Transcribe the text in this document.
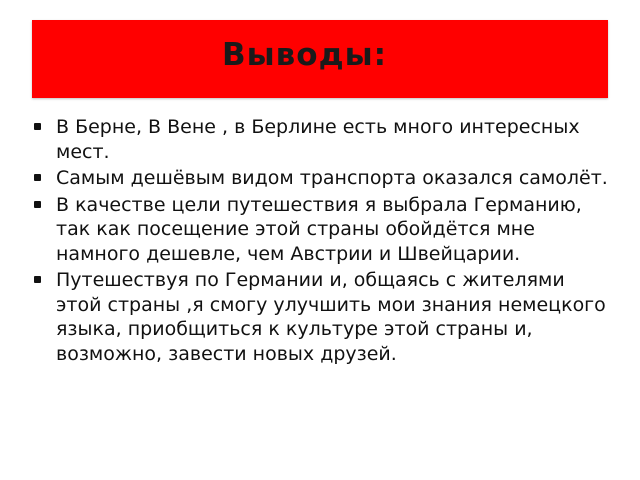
Выводы:
В Берне, В Вене , в Берлине есть много интересных мест.
Самым дешёвым видом транспорта оказался самолёт.
В качестве цели путешествия я выбрала Германию, так как посещение этой страны обойдётся мне намного дешевле, чем Австрии и Швейцарии.
Путешествуя по Германии и, общаясь с жителями этой страны ,я смогу улучшить мои знания немецкого языка, приобщиться к культуре этой страны и, возможно, завести новых друзей.
